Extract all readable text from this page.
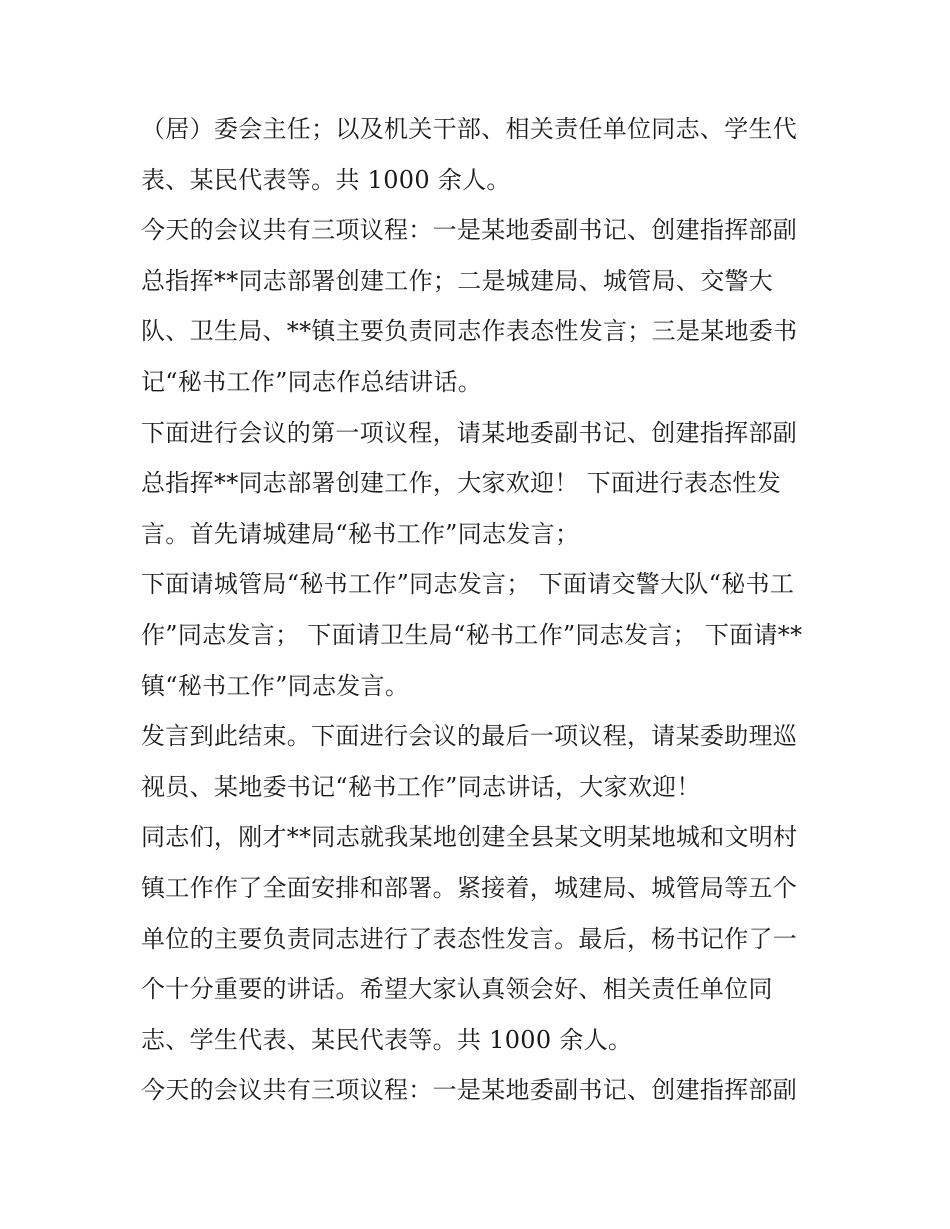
（居）委会主任；以及机关干部、相关责任单位同志、学生代
表、某民代表等。共 1000 余人。
今天的会议共有三项议程：一是某地委副书记、创建指挥部副
总指挥**同志部署创建工作；二是城建局、城管局、交警大
队、卫生局、**镇主要负责同志作表态性发言；三是某地委书
记“秘书工作”同志作总结讲话。
下面进行会议的第一项议程，请某地委副书记、创建指挥部副
总指挥**同志部署创建工作，大家欢迎！ 下面进行表态性发
言。首先请城建局“秘书工作”同志发言；
下面请城管局“秘书工作”同志发言； 下面请交警大队“秘书工
作”同志发言； 下面请卫生局“秘书工作”同志发言； 下面请**
镇“秘书工作”同志发言。
发言到此结束。下面进行会议的最后一项议程，请某委助理巡
视员、某地委书记“秘书工作”同志讲话，大家欢迎！
同志们，刚才**同志就我某地创建全县某文明某地城和文明村
镇工作作了全面安排和部署。紧接着，城建局、城管局等五个
单位的主要负责同志进行了表态性发言。最后，杨书记作了一
个十分重要的讲话。希望大家认真领会好、相关责任单位同
志、学生代表、某民代表等。共 1000 余人。
今天的会议共有三项议程：一是某地委副书记、创建指挥部副
